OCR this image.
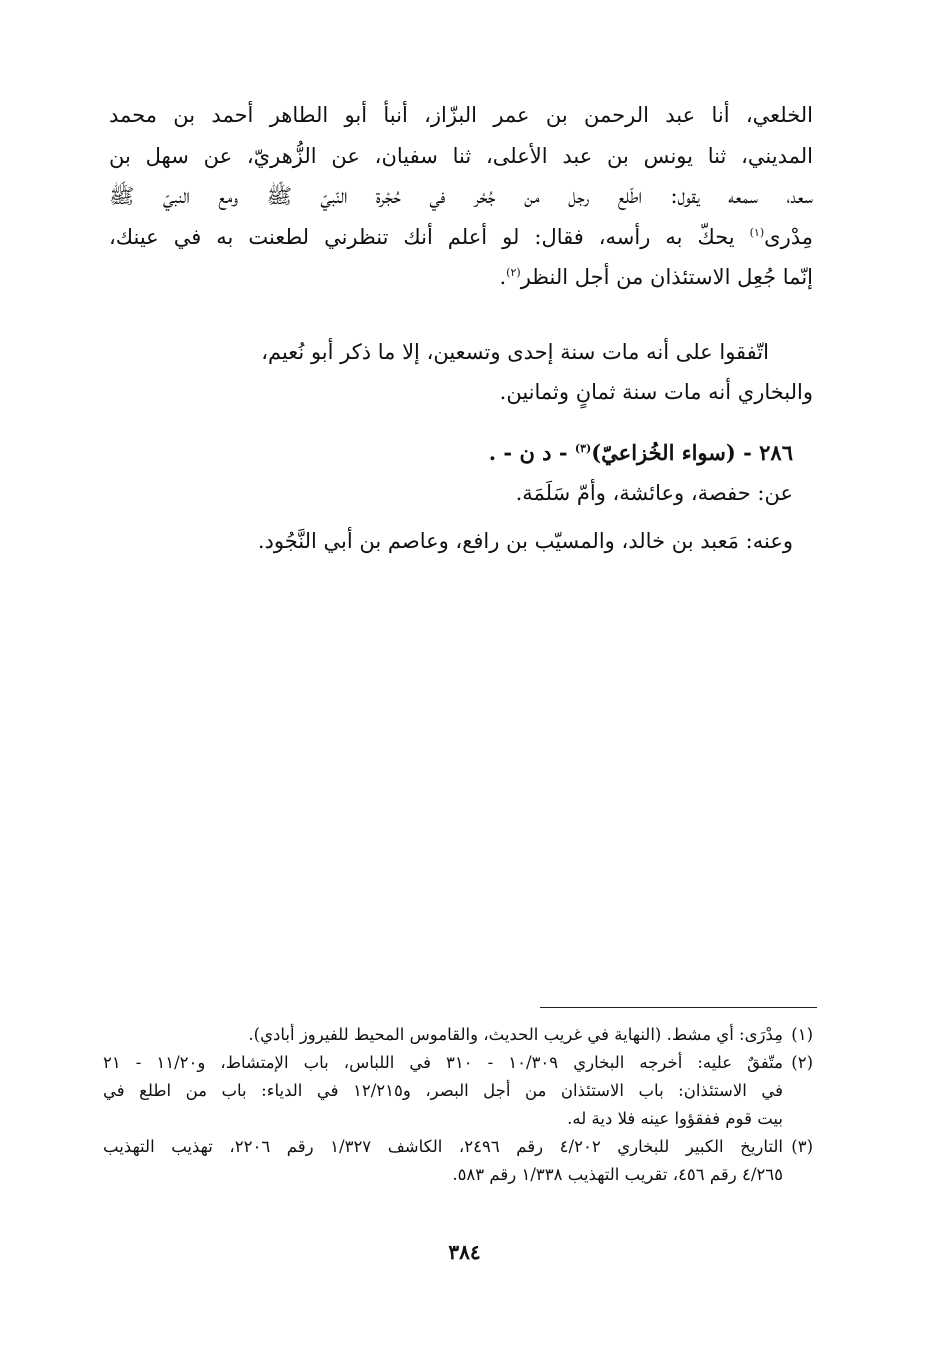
الخلعي، أنا عبد الرحمن بن عمر البزّاز، أنبأ أبو الطاهر أحمد بن محمد
المديني، ثنا يونس بن عبد الأعلى، ثنا سفيان، عن الزُّهريّ، عن سهل بن
سعد، سمعه يقول: اطّلع رجل من جُحْر في حُجْرة النّبيّ ﷺ ومع النبيّ ﷺ
مِدْرى$^{(١)}$ يحكّ به رأسه، فقال: لو أعلم أنك تنظرني لطعنت به في عينك،
إنّما جُعِل الاستئذان من أجل النظر$^{(٢)}$.
اتّفقوا على أنه مات سنة إحدى وتسعين، إلا ما ذكر أبو نُعيم،
والبخاري أنه مات سنة ثمانٍ وثمانين.
٢٨٦ - (سواء الخُزاعيّ)$^{(٣)}$ - د ن - .
عن: حفصة، وعائشة، وأمّ سَلَمَة.
وعنه: مَعبد بن خالد، والمسيّب بن رافع، وعاصم بن أبي النَّجُود.
(١)
مِدْرَى: أي مشط. (النهاية في غريب الحديث، والقاموس المحيط للفيروز أبادي).
(٢)
متّفقٌ عليه: أخرجه البخاري ١٠/٣٠٩ - ٣١٠ في اللباس، باب الإمتشاط، و١١/٢٠ - ٢١
في الاستئذان: باب الاستئذان من أجل البصر، و١٢/٢١٥ في الدياء: باب من اطلع في
بيت قوم ففقؤوا عينه فلا دية له.
(٣)
التاريخ الكبير للبخاري ٤/٢٠٢ رقم ٢٤٩٦، الكاشف ١/٣٢٧ رقم ٢٢٠٦، تهذيب التهذيب
٤/٢٦٥ رقم ٤٥٦، تقريب التهذيب ١/٣٣٨ رقم ٥٨٣.
٣٨٤
